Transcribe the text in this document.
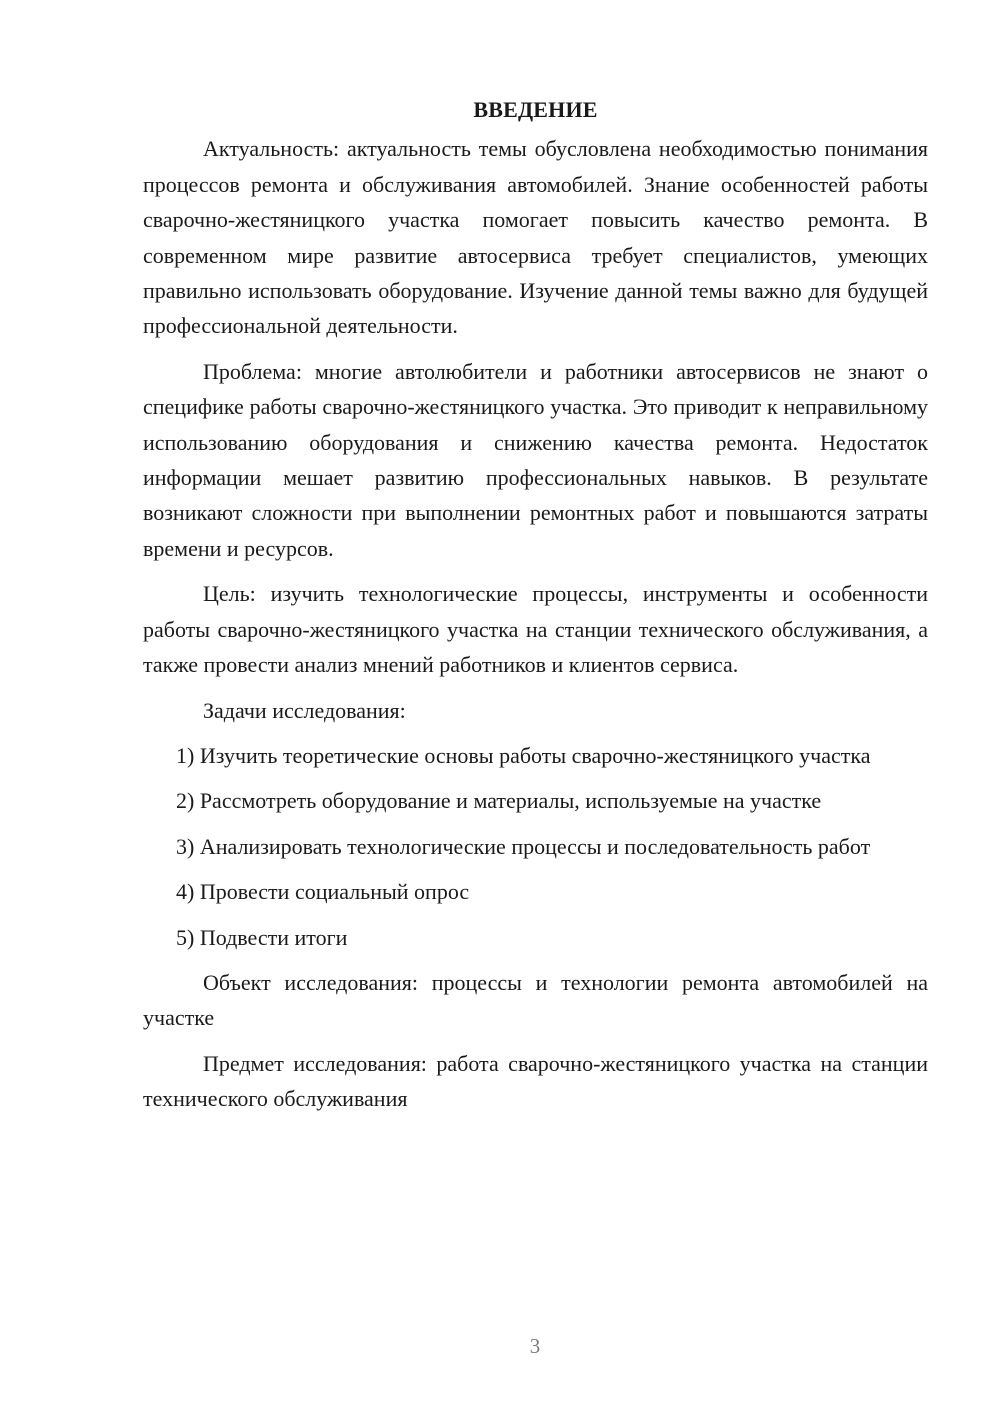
ВВЕДЕНИЕ

Актуальность: актуальность темы обусловлена необходимостью понимания процессов ремонта и обслуживания автомобилей. Знание особенностей работы сварочно-жестяницкого участка помогает повысить качество ремонта. В современном мире развитие автосервиса требует специалистов, умеющих правильно использовать оборудование. Изучение данной темы важно для будущей профессиональной деятельности.

Проблема: многие автолюбители и работники автосервисов не знают о специфике работы сварочно-жестяницкого участка. Это приводит к неправильному использованию оборудования и снижению качества ремонта. Недостаток информации мешает развитию профессиональных навыков. В результате возникают сложности при выполнении ремонтных работ и повышаются затраты времени и ресурсов.

Цель: изучить технологические процессы, инструменты и особенности работы сварочно-жестяницкого участка на станции технического обслуживания, а также провести анализ мнений работников и клиентов сервиса.

Задачи исследования:

1) Изучить теоретические основы работы сварочно-жестяницкого участка

2) Рассмотреть оборудование и материалы, используемые на участке

3) Анализировать технологические процессы и последовательность работ

4) Провести социальный опрос

5) Подвести итоги

Объект исследования: процессы и технологии ремонта автомобилей на участке

Предмет исследования: работа сварочно-жестяницкого участка на станции технического обслуживания

3
